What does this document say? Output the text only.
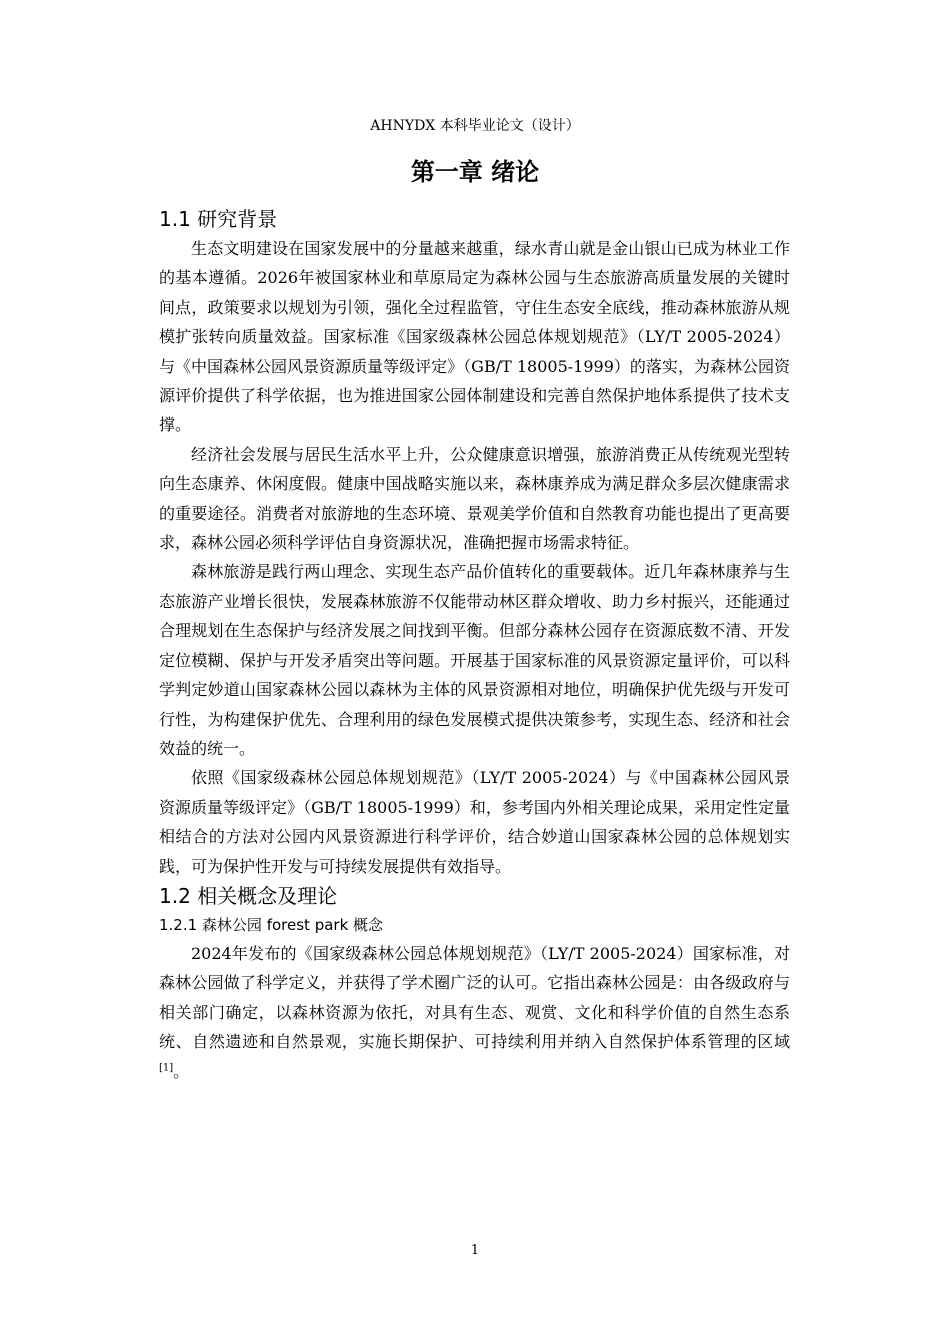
AHNYDX 本科毕业论文（设计）
第一章 绪论
1.1 研究背景

生态文明建设在国家发展中的分量越来越重，绿水青山就是金山银山已成为林业工作的基本遵循。2026年被国家林业和草原局定为森林公园与生态旅游高质量发展的关键时间点，政策要求以规划为引领，强化全过程监管，守住生态安全底线，推动森林旅游从规模扩张转向质量效益。国家标准《国家级森林公园总体规划规范》（LY/T 2005-2024）与《中国森林公园风景资源质量等级评定》（GB/T 18005-1999）的落实，为森林公园资源评价提供了科学依据，也为推进国家公园体制建设和完善自然保护地体系提供了技术支撑。

经济社会发展与居民生活水平上升，公众健康意识增强，旅游消费正从传统观光型转向生态康养、休闲度假。健康中国战略实施以来，森林康养成为满足群众多层次健康需求的重要途径。消费者对旅游地的生态环境、景观美学价值和自然教育功能也提出了更高要求，森林公园必须科学评估自身资源状况，准确把握市场需求特征。

森林旅游是践行两山理念、实现生态产品价值转化的重要载体。近几年森林康养与生态旅游产业增长很快，发展森林旅游不仅能带动林区群众增收、助力乡村振兴，还能通过合理规划在生态保护与经济发展之间找到平衡。但部分森林公园存在资源底数不清、开发定位模糊、保护与开发矛盾突出等问题。开展基于国家标准的风景资源定量评价，可以科学判定妙道山国家森林公园以森林为主体的风景资源相对地位，明确保护优先级与开发可行性，为构建保护优先、合理利用的绿色发展模式提供决策参考，实现生态、经济和社会效益的统一。

依照《国家级森林公园总体规划规范》（LY/T 2005-2024）与《中国森林公园风景资源质量等级评定》（GB/T 18005-1999）和，参考国内外相关理论成果，采用定性定量相结合的方法对公园内风景资源进行科学评价，结合妙道山国家森林公园的总体规划实践，可为保护性开发与可持续发展提供有效指导。

1.2 相关概念及理论
1.2.1 森林公园 forest park 概念

2024年发布的《国家级森林公园总体规划规范》（LY/T 2005-2024）国家标准，对森林公园做了科学定义，并获得了学术圈广泛的认可。它指出森林公园是：由各级政府与相关部门确定，以森林资源为依托，对具有生态、观赏、文化和科学价值的自然生态系统、自然遗迹和自然景观，实施长期保护、可持续利用并纳入自然保护体系管理的区域[1]。

1
